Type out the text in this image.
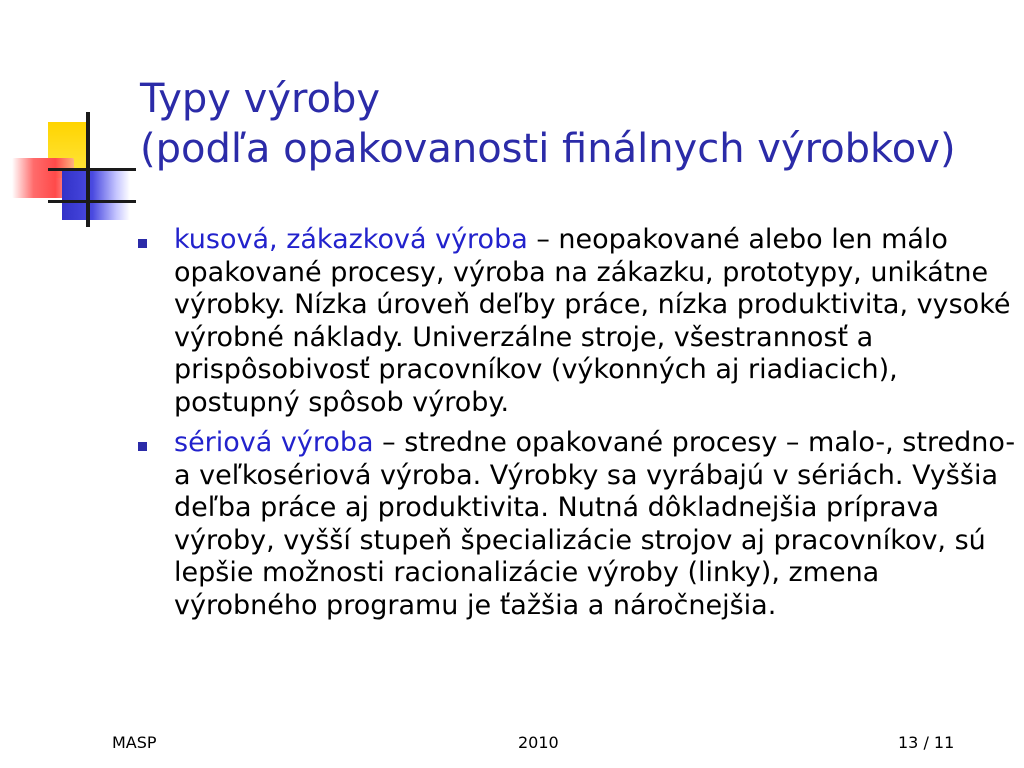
Typy výroby
(podľa opakovanosti finálnych výrobkov)
kusová, zákazková výroba – neopakované alebo len málo opakované procesy, výroba na zákazku, prototypy, unikátne výrobky. Nízka úroveň deľby práce, nízka produktivita, vysoké výrobné náklady. Univerzálne stroje, všestrannosť a prispôsobivosť pracovníkov (výkonných aj riadiacich), postupný spôsob výroby.
sériová výroba – stredne opakované procesy – malo-, stredno-a veľkosériová výroba. Výrobky sa vyrábajú v sériách. Vyššia deľba práce aj produktivita. Nutná dôkladnejšia príprava výroby, vyšší stupeň špecializácie strojov aj pracovníkov, sú lepšie možnosti racionalizácie výroby (linky), zmena výrobného programu je ťažšia a náročnejšia.
MASP	2010	13 / 11
